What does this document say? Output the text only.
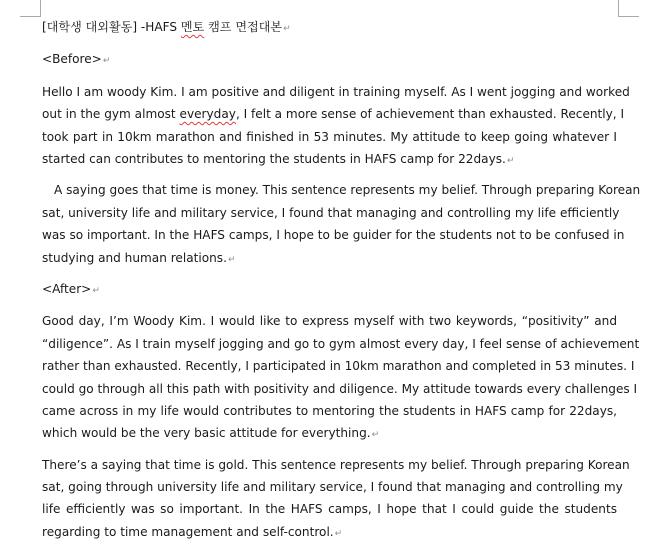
[대학생 대외활동] -HAFS 멘토 캠프 면접대본↵
<Before>↵
Hello I am woody Kim. I am positive and diligent in training myself. As I went jogging and worked
out in the gym almost everyday, I felt a more sense of achievement than exhausted. Recently, I
took part in 10km marathon and finished in 53 minutes. My attitude to keep going whatever I
started can contributes to mentoring the students in HAFS camp for 22days.↵
A saying goes that time is money. This sentence represents my belief. Through preparing Korean
sat, university life and military service, I found that managing and controlling my life efficiently
was so important. In the HAFS camps, I hope to be guider for the students not to be confused in
studying and human relations.↵
<After>↵
Good day, I’m Woody Kim. I would like to express myself with two keywords, “positivity” and
“diligence”. As I train myself jogging and go to gym almost every day, I feel sense of achievement
rather than exhausted. Recently, I participated in 10km marathon and completed in 53 minutes. I
could go through all this path with positivity and diligence. My attitude towards every challenges I
came across in my life would contributes to mentoring the students in HAFS camp for 22days,
which would be the very basic attitude for everything.↵
There’s a saying that time is gold. This sentence represents my belief. Through preparing Korean
sat, going through university life and military service, I found that managing and controlling my
life efficiently was so important. In the HAFS camps, I hope that I could guide the students
regarding to time management and self-control.↵
